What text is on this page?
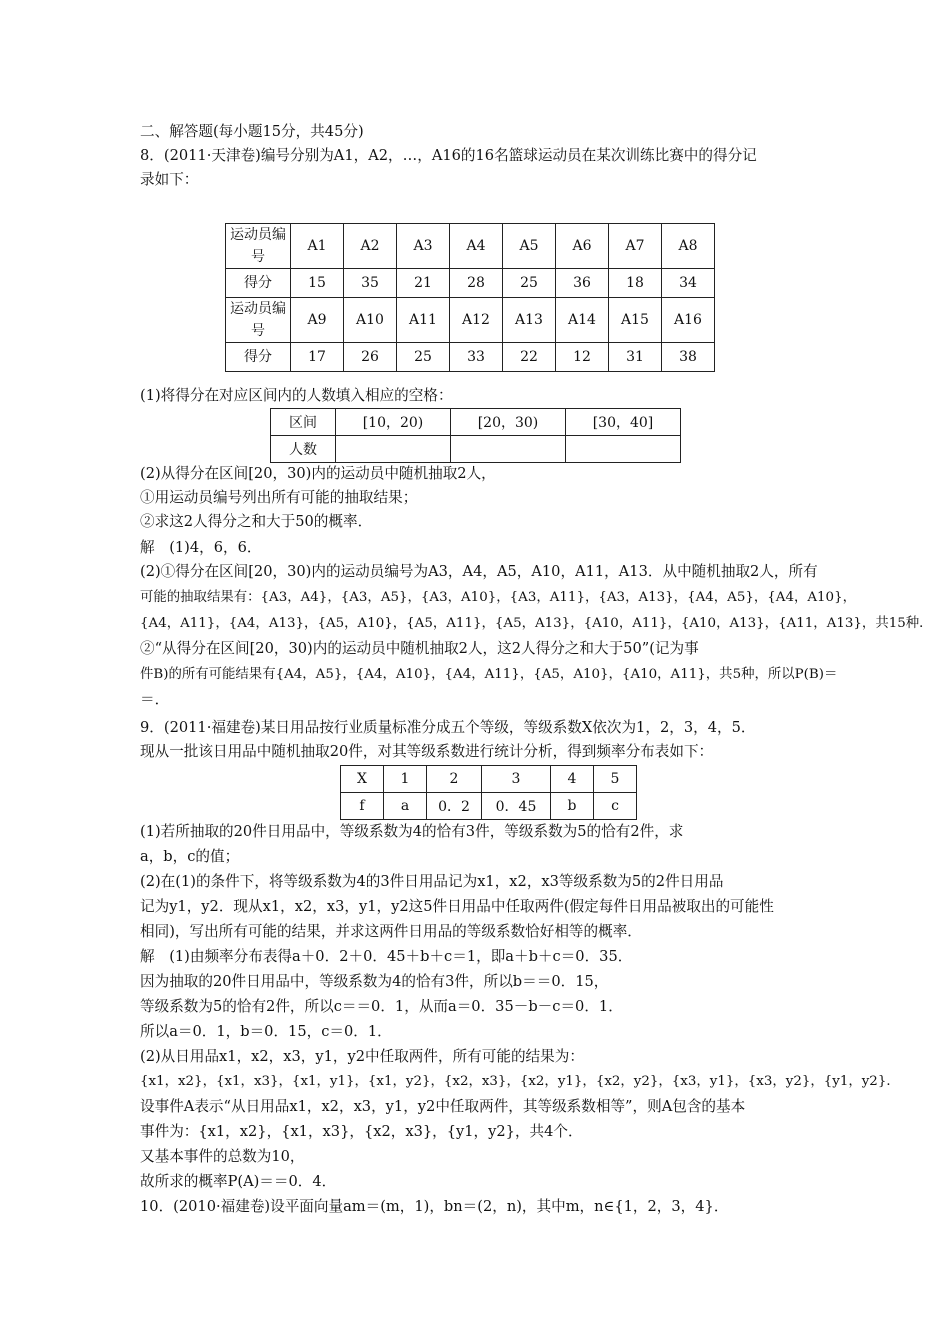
二、解答题(每小题15分，共45分)
8．(2011·天津卷)编号分别为A1，A2，…，A16的16名篮球运动员在某次训练比赛中的得分记
录如下：
运动员编号	A1	A2	A3	A4	A5	A6	A7	A8
得分	15	35	21	28	25	36	18	34
运动员编号	A9	A10	A11	A12	A13	A14	A15	A16
得分	17	26	25	33	22	12	31	38
(1)将得分在对应区间内的人数填入相应的空格：
区间	[10，20)	[20，30)	[30，40]
人数			
(2)从得分在区间[20，30)内的运动员中随机抽取2人，
①用运动员编号列出所有可能的抽取结果；
②求这2人得分之和大于50的概率．
解　(1)4，6，6．
(2)①得分在区间[20，30)内的运动员编号为A3，A4，A5，A10，A11，A13．从中随机抽取2人，所有
可能的抽取结果有：{A3，A4}，{A3，A5}，{A3，A10}，{A3，A11}，{A3，A13}，{A4，A5}，{A4，A10}，
{A4，A11}，{A4，A13}，{A5，A10}，{A5，A11}，{A5，A13}，{A10，A11}，{A10，A13}，{A11，A13}，共15种．
②“从得分在区间[20，30)内的运动员中随机抽取2人，这2人得分之和大于50”(记为事
件B)的所有可能结果有{A4，A5}，{A4，A10}，{A4，A11}，{A5，A10}，{A10，A11}，共5种，所以P(B)＝
＝．
9．(2011·福建卷)某日用品按行业质量标准分成五个等级，等级系数X依次为1，2，3，4，5．
现从一批该日用品中随机抽取20件，对其等级系数进行统计分析，得到频率分布表如下：
X	1	2	3	4	5
f	a	0．2	0．45	b	c
(1)若所抽取的20件日用品中，等级系数为4的恰有3件，等级系数为5的恰有2件，求
a，b，c的值；
(2)在(1)的条件下，将等级系数为4的3件日用品记为x1，x2，x3等级系数为5的2件日用品
记为y1，y2．现从x1，x2，x3，y1，y2这5件日用品中任取两件(假定每件日用品被取出的可能性
相同)，写出所有可能的结果，并求这两件日用品的等级系数恰好相等的概率．
解　(1)由频率分布表得a＋0．2＋0．45＋b＋c＝1，即a＋b＋c＝0．35．
因为抽取的20件日用品中，等级系数为4的恰有3件，所以b＝＝0．15，
等级系数为5的恰有2件，所以c＝＝0．1，从而a＝0．35－b－c＝0．1．
所以a＝0．1，b＝0．15，c＝0．1．
(2)从日用品x1，x2，x3，y1，y2中任取两件，所有可能的结果为：
{x1，x2}，{x1，x3}，{x1，y1}，{x1，y2}，{x2，x3}，{x2，y1}，{x2，y2}，{x3，y1}，{x3，y2}，{y1，y2}．
设事件A表示“从日用品x1，x2，x3，y1，y2中任取两件，其等级系数相等”，则A包含的基本
事件为：{x1，x2}，{x1，x3}，{x2，x3}，{y1，y2}，共4个．
又基本事件的总数为10，
故所求的概率P(A)＝＝0．4．
10．(2010·福建卷)设平面向量am＝(m，1)，bn＝(2，n)，其中m，n∈{1，2，3，4}．
